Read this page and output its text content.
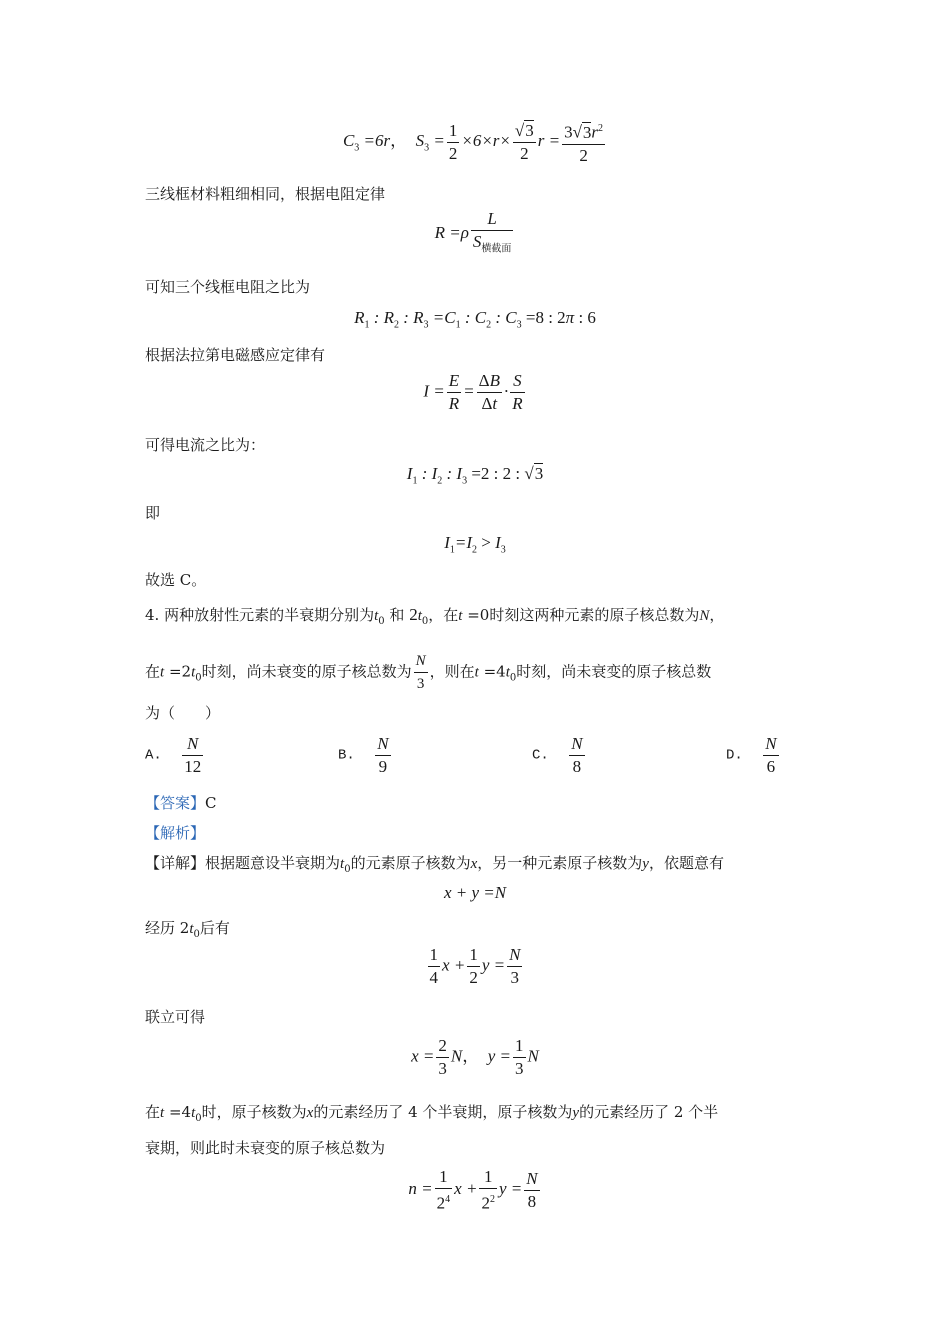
$C_3 =6r$，  $S_3 = \frac{1}{2} \times 6\times r\times \frac{√3}{2}$ $r = \frac{3√3r^2}{2}$
三线框材料粗细相同，根据电阻定律
$R =\rho \frac{L}{S_{横截面}}$
可知三个线框电阻之比为
$R_1$ : $R_2$ : $R_3 =C_1$ : $C_2$ : $C_3 =8$ : 2π : 6
根据法拉第电磁感应定律有
$I = \frac{E}{R} = \frac{\Delta B}{\Delta t} \cdot \frac{S}{R}$
可得电流之比为：
$I_1$ : $I_2$ : $I_3 =2$ : 2 : √3
即
$I_1=I_2 > I_3$
故选 C。
4. 两种放射性元素的半衰期分别为$t_0$ 和 $2t_0$，在t =0时刻这两种元素的原子核总数为N，
在$t =2t_0$时刻，尚未衰变的原子核总数为 $\frac{N}{3}$ ，则在$t =4t_0$时刻，尚未衰变的原子核总数
为（　　）
A. $\frac{N}{12}$	B. $\frac{N}{9}$	C. $\frac{N}{8}$	D. $\frac{N}{6}$
【答案】C
【解析】
【详解】根据题意设半衰期为$t_0$的元素原子核数为x，另一种元素原子核数为y，依题意有
x + y =N
经历 $2t_0$后有
$\frac{1}{4}$ $x + \frac{1}{2}$ $y = \frac{N}{3}$
联立可得
$x = \frac{2}{3}$ N，  $y = \frac{1}{3}$ N
在$t =4t_0$时，原子核数为x的元素经历了 4 个半衰期，原子核数为y的元素经历了 2 个半
衰期，则此时未衰变的原子核总数为
$n = \frac{1}{2^4}$ $x + \frac{1}{2^2}$ $y = \frac{N}{8}$
